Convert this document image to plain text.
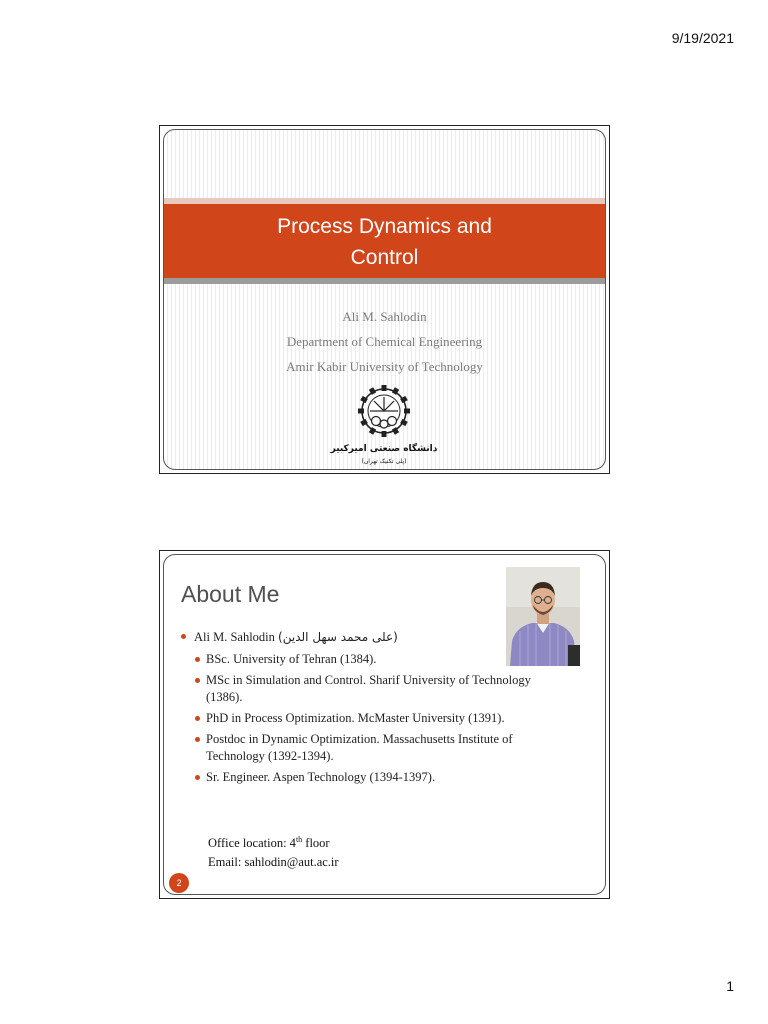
9/19/2021
Process Dynamics and
Control
Ali M. Sahlodin
Department of Chemical Engineering
Amir Kabir University of Technology
دانشگاه صنعتی امیرکبیر
(پلی تکنیک تهران)
About Me
Ali M. Sahlodin (علی محمد سهل الدین)
BSc. University of Tehran (1384).
MSc in Simulation and Control. Sharif University of Technology (1386).
PhD in Process Optimization. McMaster University (1391).
Postdoc in Dynamic Optimization. Massachusetts Institute of Technology (1392-1394).
Sr. Engineer. Aspen Technology (1394-1397).
Office location: 4th floor
Email: sahlodin@aut.ac.ir
2
1
